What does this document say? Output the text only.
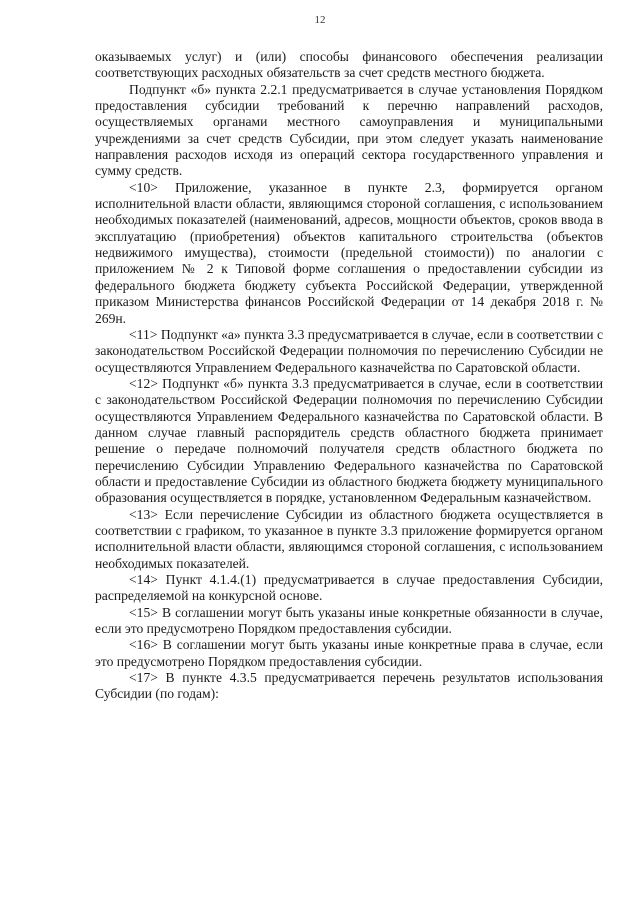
12

оказываемых услуг) и (или) способы финансового обеспечения реализации соответствующих расходных обязательств за счет средств местного бюджета.

Подпункт «б» пункта 2.2.1 предусматривается в случае установления Порядком предоставления субсидии требований к перечню направлений расходов, осуществляемых органами местного самоуправления и муниципальными учреждениями за счет средств Субсидии, при этом следует указать наименование направления расходов исходя из операций сектора государственного управления и сумму средств.

<10> Приложение, указанное в пункте 2.3, формируется органом исполнительной власти области, являющимся стороной соглашения, с использованием необходимых показателей (наименований, адресов, мощности объектов, сроков ввода в эксплуатацию (приобретения) объектов капитального строительства (объектов недвижимого имущества), стоимости (предельной стоимости)) по аналогии с приложением № 2 к Типовой форме соглашения о предоставлении субсидии из федерального бюджета бюджету субъекта Российской Федерации, утвержденной приказом Министерства финансов Российской Федерации от 14 декабря 2018 г. № 269н.

<11> Подпункт «а» пункта 3.3 предусматривается в случае, если в соответствии с законодательством Российской Федерации полномочия по перечислению Субсидии не осуществляются Управлением Федерального казначейства по Саратовской области.

<12> Подпункт «б» пункта 3.3 предусматривается в случае, если в соответствии с законодательством Российской Федерации полномочия по перечислению Субсидии осуществляются Управлением Федерального казначейства по Саратовской области. В данном случае главный распорядитель средств областного бюджета принимает решение о передаче полномочий получателя средств областного бюджета по перечислению Субсидии Управлению Федерального казначейства по Саратовской области и предоставление Субсидии из областного бюджета бюджету муниципального образования осуществляется в порядке, установленном Федеральным казначейством.

<13> Если перечисление Субсидии из областного бюджета осуществляется в соответствии с графиком, то указанное в пункте 3.3 приложение формируется органом исполнительной власти области, являющимся стороной соглашения, с использованием необходимых показателей.

<14> Пункт 4.1.4.(1) предусматривается в случае предоставления Субсидии, распределяемой на конкурсной основе.

<15> В соглашении могут быть указаны иные конкретные обязанности в случае, если это предусмотрено Порядком предоставления субсидии.

<16> В соглашении могут быть указаны иные конкретные права в случае, если это предусмотрено Порядком предоставления субсидии.

<17> В пункте 4.3.5 предусматривается перечень результатов использования Субсидии (по годам):
